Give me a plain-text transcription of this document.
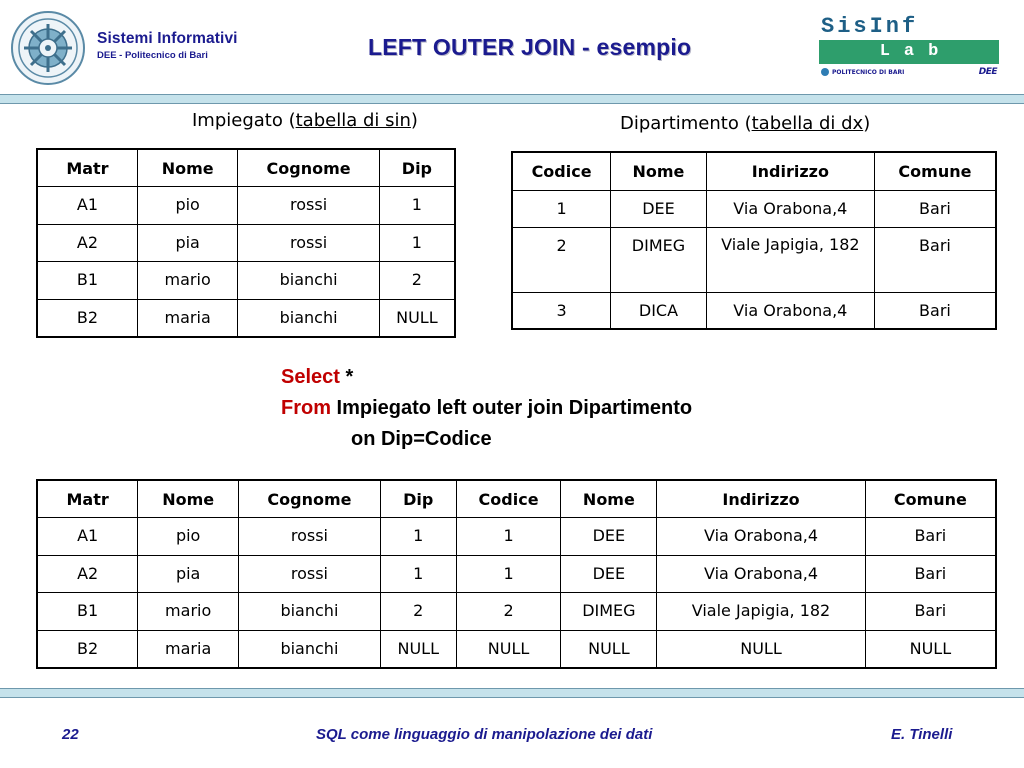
Sistemi Informativi
DEE - Politecnico di Bari	LEFT OUTER JOIN - esempio
SisInf
Lab
POLITECNICO DI BARI	DEE
Impiegato (tabella di sin)	Dipartimento (tabella di dx)
Matr	Nome	Cognome	Dip
A1	pio	rossi	1
A2	pia	rossi	1
B1	mario	bianchi	2
B2	maria	bianchi	NULL
Codice	Nome	Indirizzo	Comune
1	DEE	Via Orabona,4	Bari
2	DIMEG	Viale Japigia, 182	Bari
3	DICA	Via Orabona,4	Bari
Select *
From Impiegato left outer join Dipartimento
on Dip=Codice
Matr	Nome	Cognome	Dip	Codice	Nome	Indirizzo	Comune
A1	pio	rossi	1	1	DEE	Via Orabona,4	Bari
A2	pia	rossi	1	1	DEE	Via Orabona,4	Bari
B1	mario	bianchi	2	2	DIMEG	Viale Japigia, 182	Bari
B2	maria	bianchi	NULL	NULL	NULL	NULL	NULL
22	SQL come linguaggio di manipolazione dei dati	E. Tinelli
